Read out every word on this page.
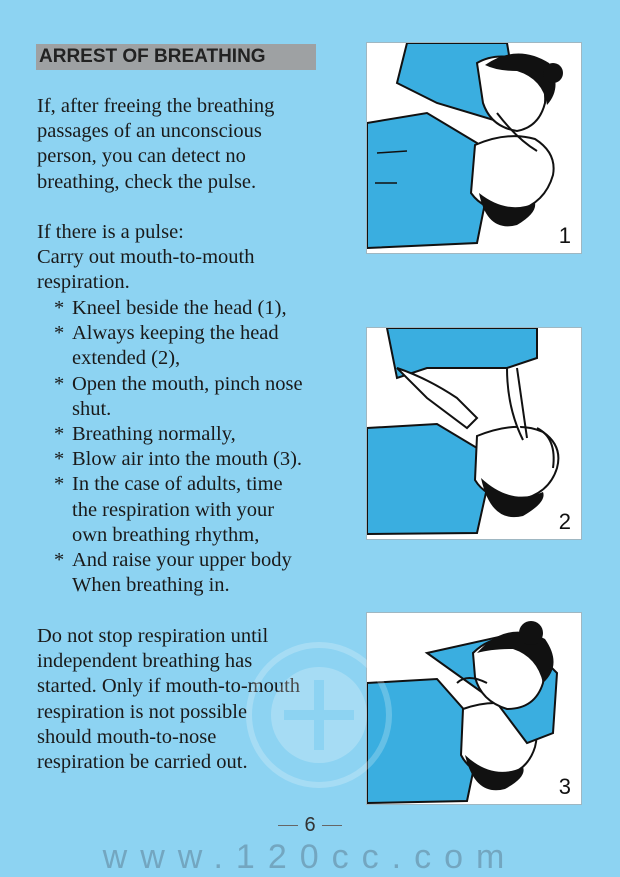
ARREST OF BREATHING
If, after freeing the breathing
passages of an unconscious
person, you can detect no
breathing, check the pulse.
If there is a pulse:
Carry out mouth-to-mouth
respiration.
* Kneel beside the head (1),
* Always keeping the head
extended (2),
* Open the mouth, pinch nose
shut.
* Breathing normally,
* Blow air into the mouth (3).
* In the case of adults, time
the respiration with your
own breathing rhythm,
* And raise your upper body
When breathing in.
Do not stop respiration until
independent breathing has
started. Only if mouth-to-mouth
respiration is not possible
should mouth-to-nose
respiration be carried out.
1
2
3
6
www.120cc.com
